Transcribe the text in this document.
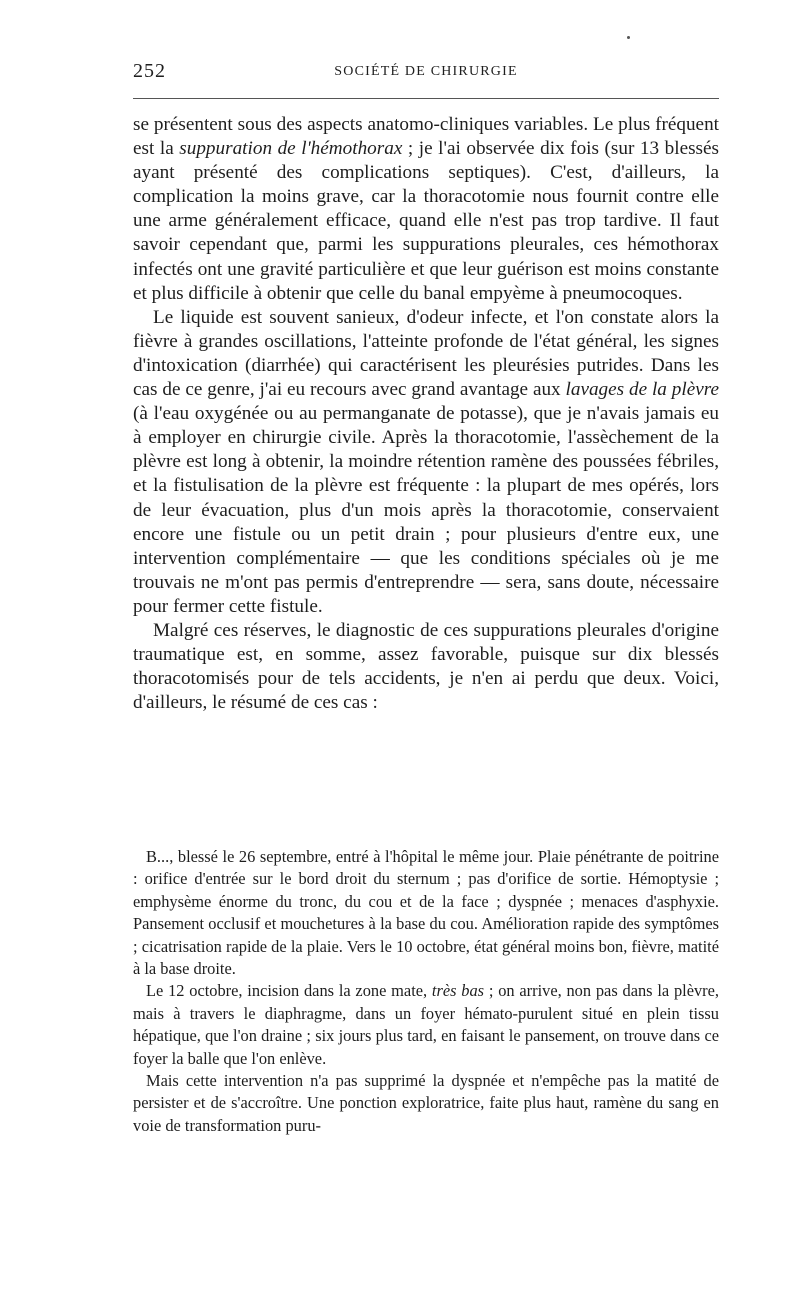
252	SOCIÉTÉ DE CHIRURGIE

se présentent sous des aspects anatomo-cliniques variables. Le plus fréquent est la suppuration de l'hémothorax ; je l'ai observée dix fois (sur 13 blessés ayant présenté des complications septiques). C'est, d'ailleurs, la complication la moins grave, car la thoracotomie nous fournit contre elle une arme généralement efficace, quand elle n'est pas trop tardive. Il faut savoir cependant que, parmi les suppurations pleurales, ces hémothorax infectés ont une gravité particulière et que leur guérison est moins constante et plus difficile à obtenir que celle du banal empyème à pneumocoques.

Le liquide est souvent sanieux, d'odeur infecte, et l'on constate alors la fièvre à grandes oscillations, l'atteinte profonde de l'état général, les signes d'intoxication (diarrhée) qui caractérisent les pleurésies putrides. Dans les cas de ce genre, j'ai eu recours avec grand avantage aux lavages de la plèvre (à l'eau oxygénée ou au permanganate de potasse), que je n'avais jamais eu à employer en chirurgie civile. Après la thoracotomie, l'assèchement de la plèvre est long à obtenir, la moindre rétention ramène des poussées fébriles, et la fistulisation de la plèvre est fréquente : la plupart de mes opérés, lors de leur évacuation, plus d'un mois après la thoracotomie, conservaient encore une fistule ou un petit drain ; pour plusieurs d'entre eux, une intervention complémentaire — que les conditions spéciales où je me trouvais ne m'ont pas permis d'entreprendre — sera, sans doute, nécessaire pour fermer cette fistule.

Malgré ces réserves, le diagnostic de ces suppurations pleurales d'origine traumatique est, en somme, assez favorable, puisque sur dix blessés thoracotomisés pour de tels accidents, je n'en ai perdu que deux. Voici, d'ailleurs, le résumé de ces cas :

B..., blessé le 26 septembre, entré à l'hôpital le même jour. Plaie pénétrante de poitrine : orifice d'entrée sur le bord droit du sternum ; pas d'orifice de sortie. Hémoptysie ; emphysème énorme du tronc, du cou et de la face ; dyspnée ; menaces d'asphyxie. Pansement occlusif et mouchetures à la base du cou. Amélioration rapide des symptômes ; cicatrisation rapide de la plaie. Vers le 10 octobre, état général moins bon, fièvre, matité à la base droite.

Le 12 octobre, incision dans la zone mate, très bas ; on arrive, non pas dans la plèvre, mais à travers le diaphragme, dans un foyer hémato-purulent situé en plein tissu hépatique, que l'on draine ; six jours plus tard, en faisant le pansement, on trouve dans ce foyer la balle que l'on enlève.

Mais cette intervention n'a pas supprimé la dyspnée et n'empêche pas la matité de persister et de s'accroître. Une ponction exploratrice, faite plus haut, ramène du sang en voie de transformation puru-
